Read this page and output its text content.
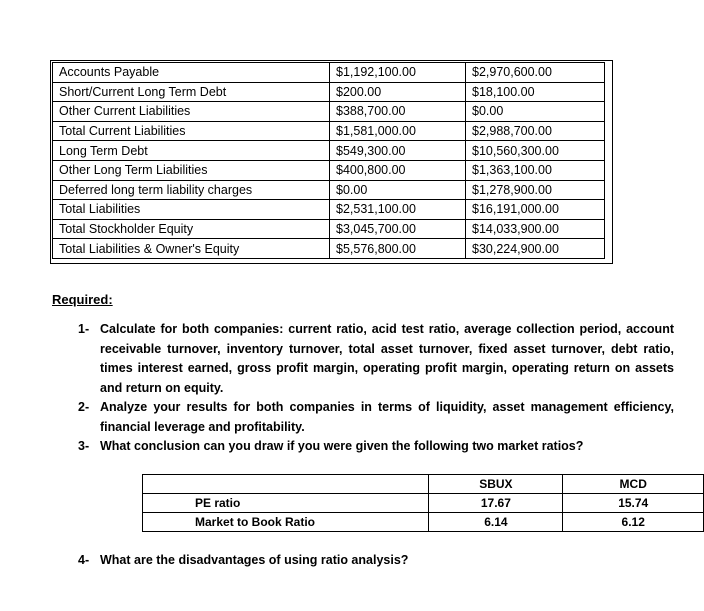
Accounts Payable	$1,192,100.00	$2,970,600.00
Short/Current Long Term Debt	$200.00	$18,100.00
Other Current Liabilities	$388,700.00	$0.00
Total Current Liabilities	$1,581,000.00	$2,988,700.00
Long Term Debt	$549,300.00	$10,560,300.00
Other Long Term Liabilities	$400,800.00	$1,363,100.00
Deferred long term liability charges	$0.00	$1,278,900.00
Total Liabilities	$2,531,100.00	$16,191,000.00
Total Stockholder Equity	$3,045,700.00	$14,033,900.00
Total Liabilities & Owner's Equity	$5,576,800.00	$30,224,900.00
Required:
1- Calculate for both companies: current ratio, acid test ratio, average collection period, account receivable turnover, inventory turnover, total asset turnover, fixed asset turnover, debt ratio, times interest earned, gross profit margin, operating profit margin, operating return on assets and return on equity.
2- Analyze your results for both companies in terms of liquidity, asset management efficiency, financial leverage and profitability.
3- What conclusion can you draw if you were given the following two market ratios?
	SBUX	MCD
PE ratio	17.67	15.74
Market to Book Ratio	6.14	6.12
4- What are the disadvantages of using ratio analysis?
